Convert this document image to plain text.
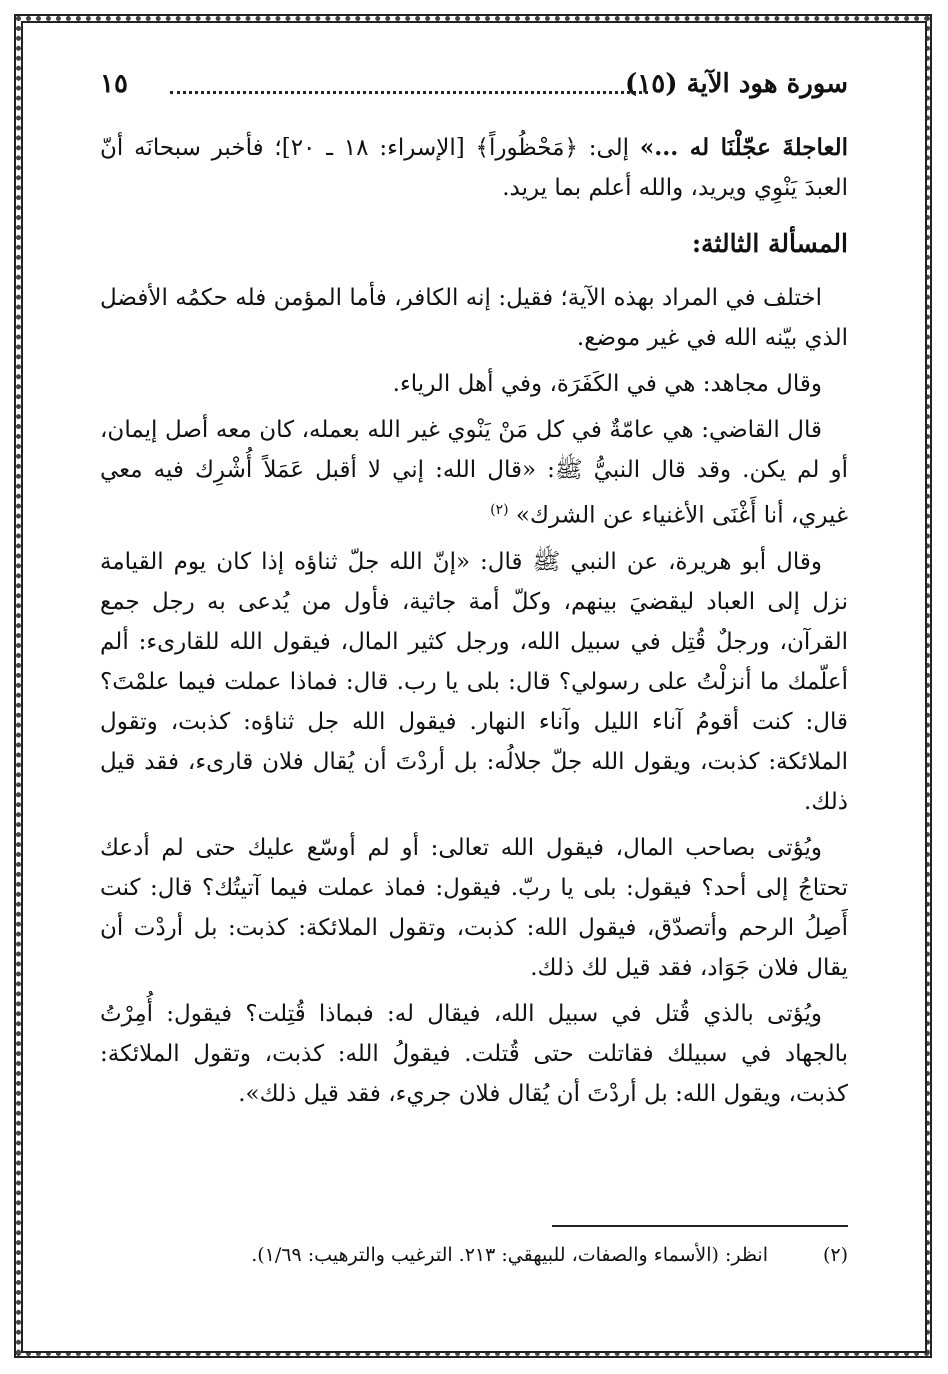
سورة هود الآية (١٥)
١٥

العاجلةَ عجّلْنَا له ...» إلى: ﴿مَحْظُوراً﴾ [الإسراء: ١٨ ـ ٢٠]؛ فأخبر سبحانَه أنّ العبدَ يَنْوِي ويريد، والله أعلم بما يريد.

المسألة الثالثة:

اختلف في المراد بهذه الآية؛ فقيل: إنه الكافر، فأما المؤمن فله حكمُه الأفضل الذي بيّنه الله في غير موضع.

وقال مجاهد: هي في الكَفَرَة، وفي أهل الرياء.

قال القاضي: هي عامّةٌ في كل مَنْ يَنْوي غير الله بعمله، كان معه أصل إيمان، أو لم يكن. وقد قال النبيُّ ﷺ: «قال الله: إني لا أقبل عَمَلاً أُشْرِك فيه معي غيري، أنا أَغْنَى الأغنياء عن الشرك» $^{(٢)}$

وقال أبو هريرة، عن النبي ﷺ قال: «إنّ الله جلّ ثناؤه إذا كان يوم القيامة نزل إلى العباد ليقضيَ بينهم، وكلّ أمة جاثية، فأول من يُدعى به رجل جمع القرآن، ورجلٌ قُتِل في سبيل الله، ورجل كثير المال، فيقول الله للقارىء: ألم أعلّمك ما أنزلْتُ على رسولي؟ قال: بلى يا رب. قال: فماذا عملت فيما علمْتَ؟ قال: كنت أقومُ آناء الليل وآناء النهار. فيقول الله جل ثناؤه: كذبت، وتقول الملائكة: كذبت، ويقول الله جلّ جلالُه: بل أردْتَ أن يُقال فلان قارىء، فقد قيل ذلك.

ويُؤتى بصاحب المال، فيقول الله تعالى: أو لم أوسّع عليك حتى لم أدعك تحتاجُ إلى أحد؟ فيقول: بلى يا ربّ. فيقول: فماذ عملت فيما آتيتُك؟ قال: كنت أَصِلُ الرحم وأتصدّق، فيقول الله: كذبت، وتقول الملائكة: كذبت: بل أردْت أن يقال فلان جَوَاد، فقد قيل لك ذلك.

ويُؤتى بالذي قُتل في سبيل الله، فيقال له: فبماذا قُتِلت؟ فيقول: أُمِرْتُ بالجهاد في سبيلك فقاتلت حتى قُتلت. فيقولُ الله: كذبت، وتقول الملائكة: كذبت، ويقول الله: بل أردْتَ أن يُقال فلان جريء، فقد قيل ذلك».

(٢)انظر: (الأسماء والصفات، للبيهقي: ٢١٣. الترغيب والترهيب: ١/٦٩).
